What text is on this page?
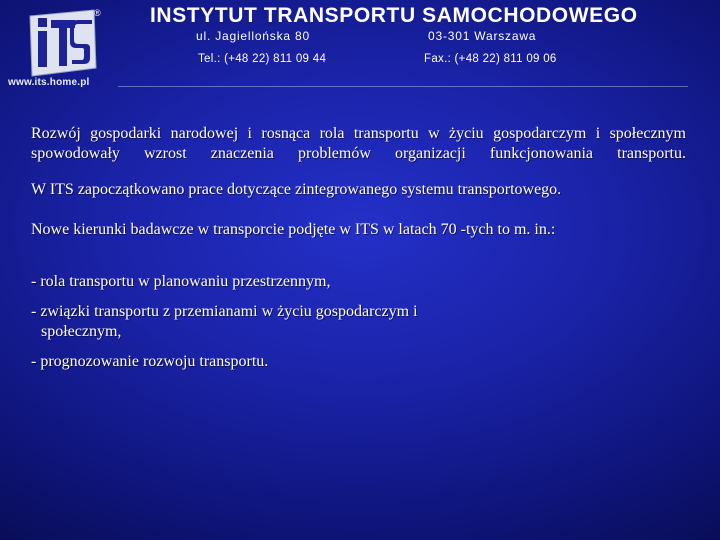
®
www.its.home.pl
INSTYTUT TRANSPORTU SAMOCHODOWEGO
ul. Jagiellońska 80	03-301 Warszawa
Tel.: (+48 22) 811 09 44	Fax.: (+48 22) 811 09 06

Rozwój gospodarki narodowej i rosnąca rola transportu w życiu gospodarczym i społecznym spowodowały wzrost znaczenia problemów organizacji funkcjonowania transportu.

W ITS zapoczątkowano prace dotyczące zintegrowanego systemu transportowego.

Nowe kierunki badawcze w transporcie podjęte w ITS w latach 70 -tych to m. in.:

- rola transportu w planowaniu przestrzennym,
- związki transportu z przemianami w życiu gospodarczym i
społecznym,
- prognozowanie rozwoju transportu.
